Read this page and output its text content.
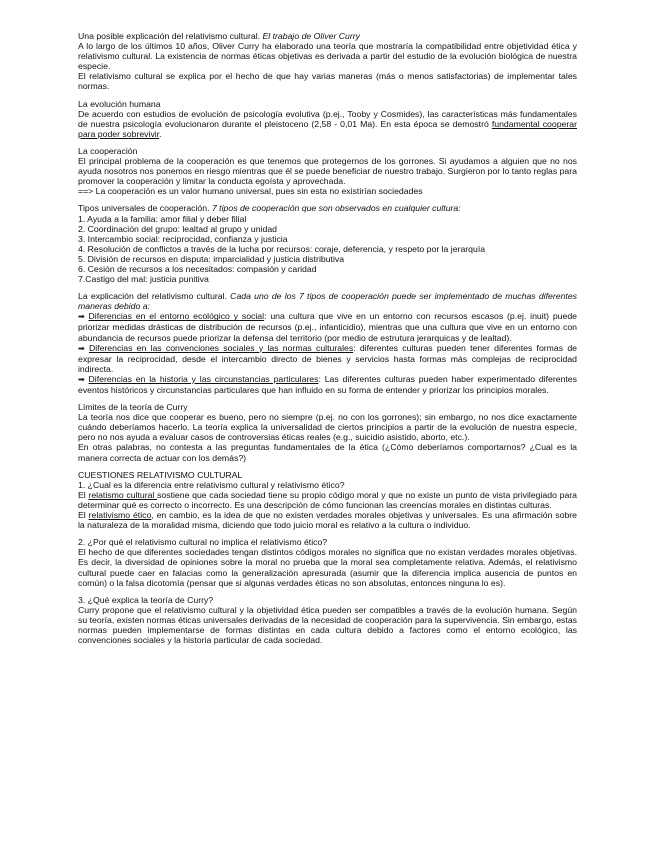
Una posible explicación del relativismo cultural. El trabajo de Oliver Curry

A lo largo de los últimos 10 años, Oliver Curry ha elaborado una teoría que mostraría la compatibilidad entre objetividad ética y relativismo cultural. La existencia de normas éticas objetivas es derivada a partir del estudio de la evolución biológica de nuestra especie.

El relativismo cultural se explica por el hecho de que hay varias maneras (más o menos satisfactorias) de implementar tales normas.

La evolución humana

De acuerdo con estudios de evolución de psicología evolutiva (p.ej., Tooby y Cosmides), las características más fundamentales de nuestra psicología evolucionaron durante el pleistoceno (2,58 - 0,01 Ma). En esta época se demostró fundamental cooperar para poder sobrevivir.

La cooperación

El principal problema de la cooperación es que tenemos que protegernos de los gorrones. Si ayudamos a alguien que no nos ayuda nosotros nos ponemos en riesgo mientras que él se puede beneficiar de nuestro trabajo. Surgieron por lo tanto reglas para promover la cooperación y limitar la conducta egoísta y aprovechada.

==> La cooperación es un valor humano universal, pues sin esta no existirían sociedades

Tipos universales de cooperación. 7 tipos de cooperación que son observados en cualquier cultura:
1. Ayuda a la familia: amor filial y deber filial
2. Coordinación del grupo: lealtad al grupo y unidad
3. Intercambio social: reciprocidad, confianza y justicia
4. Resolución de conflictos a través de la lucha por recursos: coraje, deferencia, y respeto por la jerarquía
5. División de recursos en disputa: imparcialidad y justicia distributiva
6. Cesión de recursos a los necesitados: compasión y caridad
7.Castigo del mal: justicia punitiva

La explicación del relativismo cultural. Cada uno de los 7 tipos de cooperación puede ser implementado de muchas diferentes maneras debido a:

➡ Diferencias en el entorno ecológico y social: una cultura que vive en un entorno con recursos escasos (p.ej. inuit) puede priorizar medidas drásticas de distribución de recursos (p.ej., infanticidio), mientras que una cultura que vive en un entorno con abundancia de recursos puede priorizar la defensa del territorio (por medio de estrutura jerarquicas y de lealtad).

➡ Diferencias en las convenciones sociales y las normas culturales: diferentes culturas pueden tener diferentes formas de expresar la reciprocidad, desde el intercambio directo de bienes y servicios hasta formas más complejas de reciprocidad indirecta.

➡ Diferencias en la historia y las circunstancias particulares: Las diferentes culturas pueden haber experimentado diferentes eventos históricos y circunstancias particulares que han influido en su forma de entender y priorizar los principios morales.

Límites de la teoría de Curry

La teoría nos dice que cooperar es bueno, pero no siempre (p.ej. no con los gorrones); sin embargo, no nos dice exactamente cuándo deberíamos hacerlo. La teoría explica la universalidad de ciertos principios a partir de la evolución de nuestra especie, pero no nos ayuda a evaluar casos de controversias éticas reales (e.g., suicidio asistido, aborto, etc.).

En otras palabras, no contesta a las preguntas fundamentales de la ética (¿Cómo deberíamos comportarnos? ¿Cual es la manera correcta de actuar con los demás?)

CUESTIONES RELATIVISMO CULTURAL
1. ¿Cual es la diferencia entre relativismo cultural y relativismo ético?

El relatismo cultural sostiene que cada sociedad tiene su propio código moral y que no existe un punto de vista privilegiado para determinar qué es correcto o incorrecto. Es una descripción de cómo funcionan las creencias morales en distintas culturas.

El relativismo ético, en cambio, es la idea de que no existen verdades morales objetivas y universales. Es una afirmación sobre la naturaleza de la moralidad misma, diciendo que todo juicio moral es relativo a la cultura o individuo.

2. ¿Por qué el relativismo cultural no implica el relativismo ético?

El hecho de que diferentes sociedades tengan distintos códigos morales no significa que no existan verdades morales objetivas. Es decir, la diversidad de opiniones sobre la moral no prueba que la moral sea completamente relativa. Además, el relativismo cultural puede caer en falacias como la generalización apresurada (asumir que la diferencia implica ausencia de puntos en común) o la falsa dicotomía (pensar que si algunas verdades éticas no son absolutas, entonces ninguna lo es).

3. ¿Qué explica la teoría de Curry?

Curry propone que el relativismo cultural y la objetividad ética pueden ser compatibles a través de la evolución humana. Según su teoría, existen normas éticas universales derivadas de la necesidad de cooperación para la supervivencia. Sin embargo, estas normas pueden implementarse de formas distintas en cada cultura debido a factores como el entorno ecológico, las convenciones sociales y la historia particular de cada sociedad.
